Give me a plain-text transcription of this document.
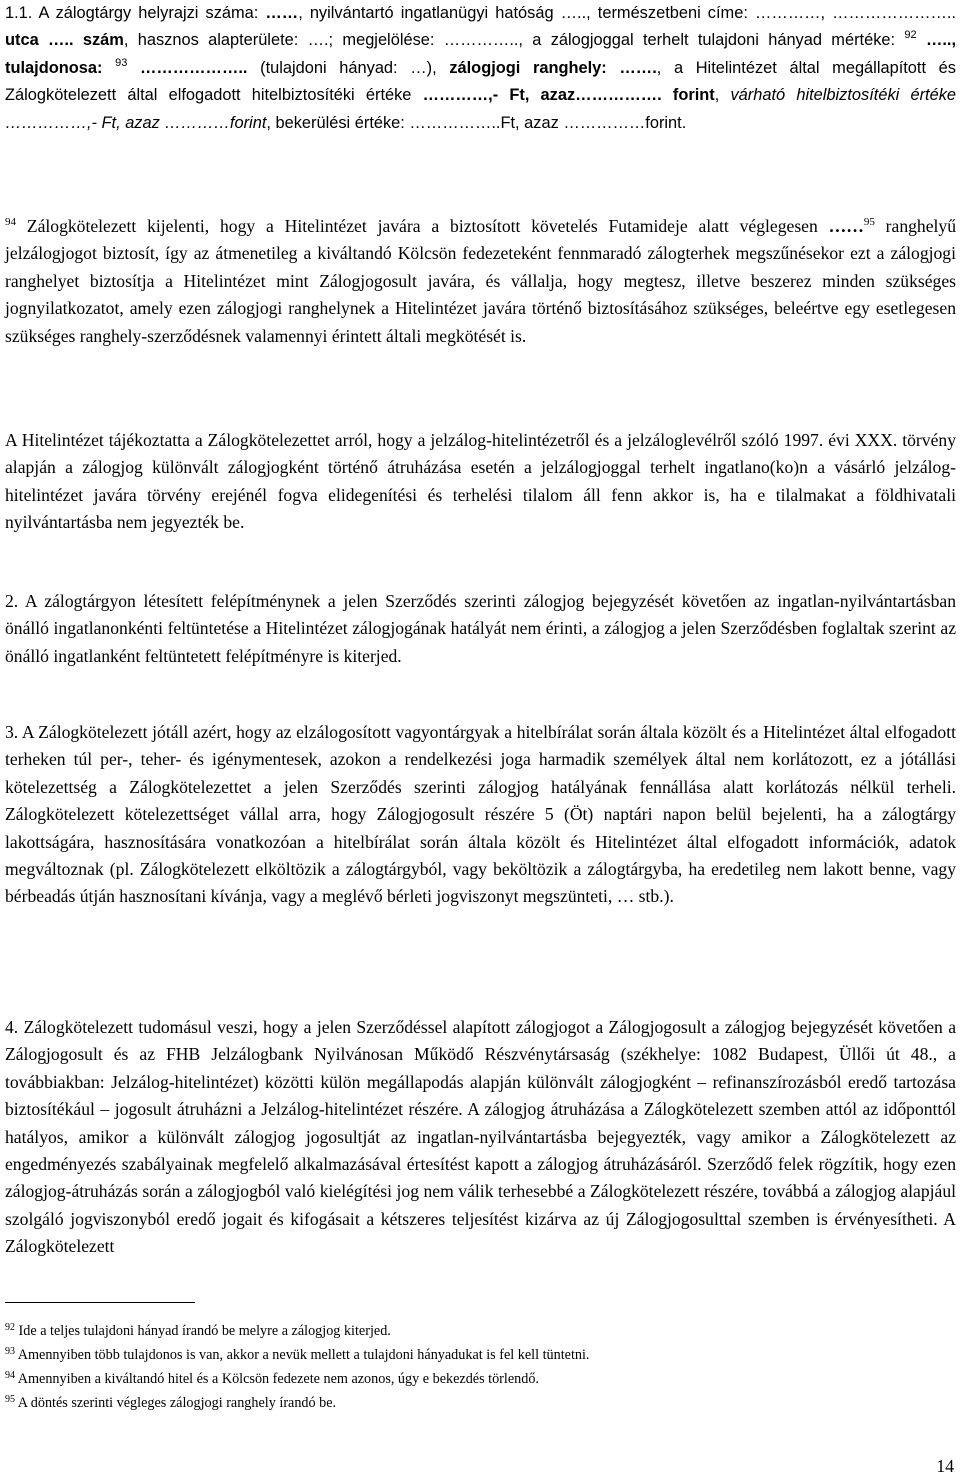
1.1. A zálogtárgy helyrajzi száma: ……, nyilvántartó ingatlanügyi hatóság ….., természetbeni címe: …………, ………………….. utca ….. szám, hasznos alapterülete: ….; megjelölése: ………….., a zálogjoggal terhelt tulajdoni hányad mértéke: $^{92}$ ….., tulajdonosa: $^{93}$ ……………….. (tulajdoni hányad: …), zálogjogi ranghely: ……., a Hitelintézet által megállapított és Zálogkötelezett által elfogadott hitelbiztosítéki értéke …………,- Ft, azaz……………. forint, várható hitelbiztosítéki értéke ……………,- Ft, azaz …………forint, bekerülési értéke: ……………..Ft, azaz ……………forint.

$^{94}$ Zálogkötelezett kijelenti, hogy a Hitelintézet javára a biztosított követelés Futamideje alatt véglegesen ……$^{95}$ ranghelyű jelzálogjogot biztosít, így az átmenetileg a kiváltandó Kölcsön fedezeteként fennmaradó zálogterhek megszűnésekor ezt a zálogjogi ranghelyet biztosítja a Hitelintézet mint Zálogjogosult javára, és vállalja, hogy megtesz, illetve beszerez minden szükséges jognyilatkozatot, amely ezen zálogjogi ranghelynek a Hitelintézet javára történő biztosításához szükséges, beleértve egy esetlegesen szükséges ranghely-szerződésnek valamennyi érintett általi megkötését is.

A Hitelintézet tájékoztatta a Zálogkötelezettet arról, hogy a jelzálog-hitelintézetről és a jelzáloglevélről szóló 1997. évi XXX. törvény alapján a zálogjog különvált zálogjogként történő átruházása esetén a jelzálogjoggal terhelt ingatlano(ko)n a vásárló jelzálog-hitelintézet javára törvény erejénél fogva elidegenítési és terhelési tilalom áll fenn akkor is, ha e tilalmakat a földhivatali nyilvántartásba nem jegyezték be.

2. A zálogtárgyon létesített felépítménynek a jelen Szerződés szerinti zálogjog bejegyzését követően az ingatlan-nyilvántartásban önálló ingatlanonkénti feltüntetése a Hitelintézet zálogjogának hatályát nem érinti, a zálogjog a jelen Szerződésben foglaltak szerint az önálló ingatlanként feltüntetett felépítményre is kiterjed.

3. A Zálogkötelezett jótáll azért, hogy az elzálogosított vagyontárgyak a hitelbírálat során általa közölt és a Hitelintézet által elfogadott terheken túl per-, teher- és igénymentesek, azokon a rendelkezési joga harmadik személyek által nem korlátozott, ez a jótállási kötelezettség a Zálogkötelezettet a jelen Szerződés szerinti zálogjog hatályának fennállása alatt korlátozás nélkül terheli. Zálogkötelezett kötelezettséget vállal arra, hogy Zálogjogosult részére 5 (Öt) naptári napon belül bejelenti, ha a zálogtárgy lakottságára, hasznosítására vonatkozóan a hitelbírálat során általa közölt és Hitelintézet által elfogadott információk, adatok megváltoznak (pl. Zálogkötelezett elköltözik a zálogtárgyból, vagy beköltözik a zálogtárgyba, ha eredetileg nem lakott benne, vagy bérbeadás útján hasznosítani kívánja, vagy a meglévő bérleti jogviszonyt megszünteti, … stb.).

4. Zálogkötelezett tudomásul veszi, hogy a jelen Szerződéssel alapított zálogjogot a Zálogjogosult a zálogjog bejegyzését követően a Zálogjogosult és az FHB Jelzálogbank Nyilvánosan Működő Részvénytársaság (székhelye: 1082 Budapest, Üllői út 48., a továbbiakban: Jelzálog-hitelintézet) közötti külön megállapodás alapján különvált zálogjogként – refinanszírozásból eredő tartozása biztosítékául – jogosult átruházni a Jelzálog-hitelintézet részére. A zálogjog átruházása a Zálogkötelezett szemben attól az időponttól hatályos, amikor a különvált zálogjog jogosultját az ingatlan-nyilvántartásba bejegyezték, vagy amikor a Zálogkötelezett az engedményezés szabályainak megfelelő alkalmazásával értesítést kapott a zálogjog átruházásáról. Szerződő felek rögzítik, hogy ezen zálogjog-átruházás során a zálogjogból való kielégítési jog nem válik terhesebbé a Zálogkötelezett részére, továbbá a zálogjog alapjául szolgáló jogviszonyból eredő jogait és kifogásait a kétszeres teljesítést kizárva az új Zálogjogosulttal szemben is érvényesítheti. A Zálogkötelezett

$^{92}$ Ide a teljes tulajdoni hányad írandó be melyre a zálogjog kiterjed.

$^{93}$ Amennyiben több tulajdonos is van, akkor a nevük mellett a tulajdoni hányadukat is fel kell tüntetni.

$^{94}$ Amennyiben a kiváltandó hitel és a Kölcsön fedezete nem azonos, úgy e bekezdés törlendő.

$^{95}$ A döntés szerinti végleges zálogjogi ranghely írandó be.

14
